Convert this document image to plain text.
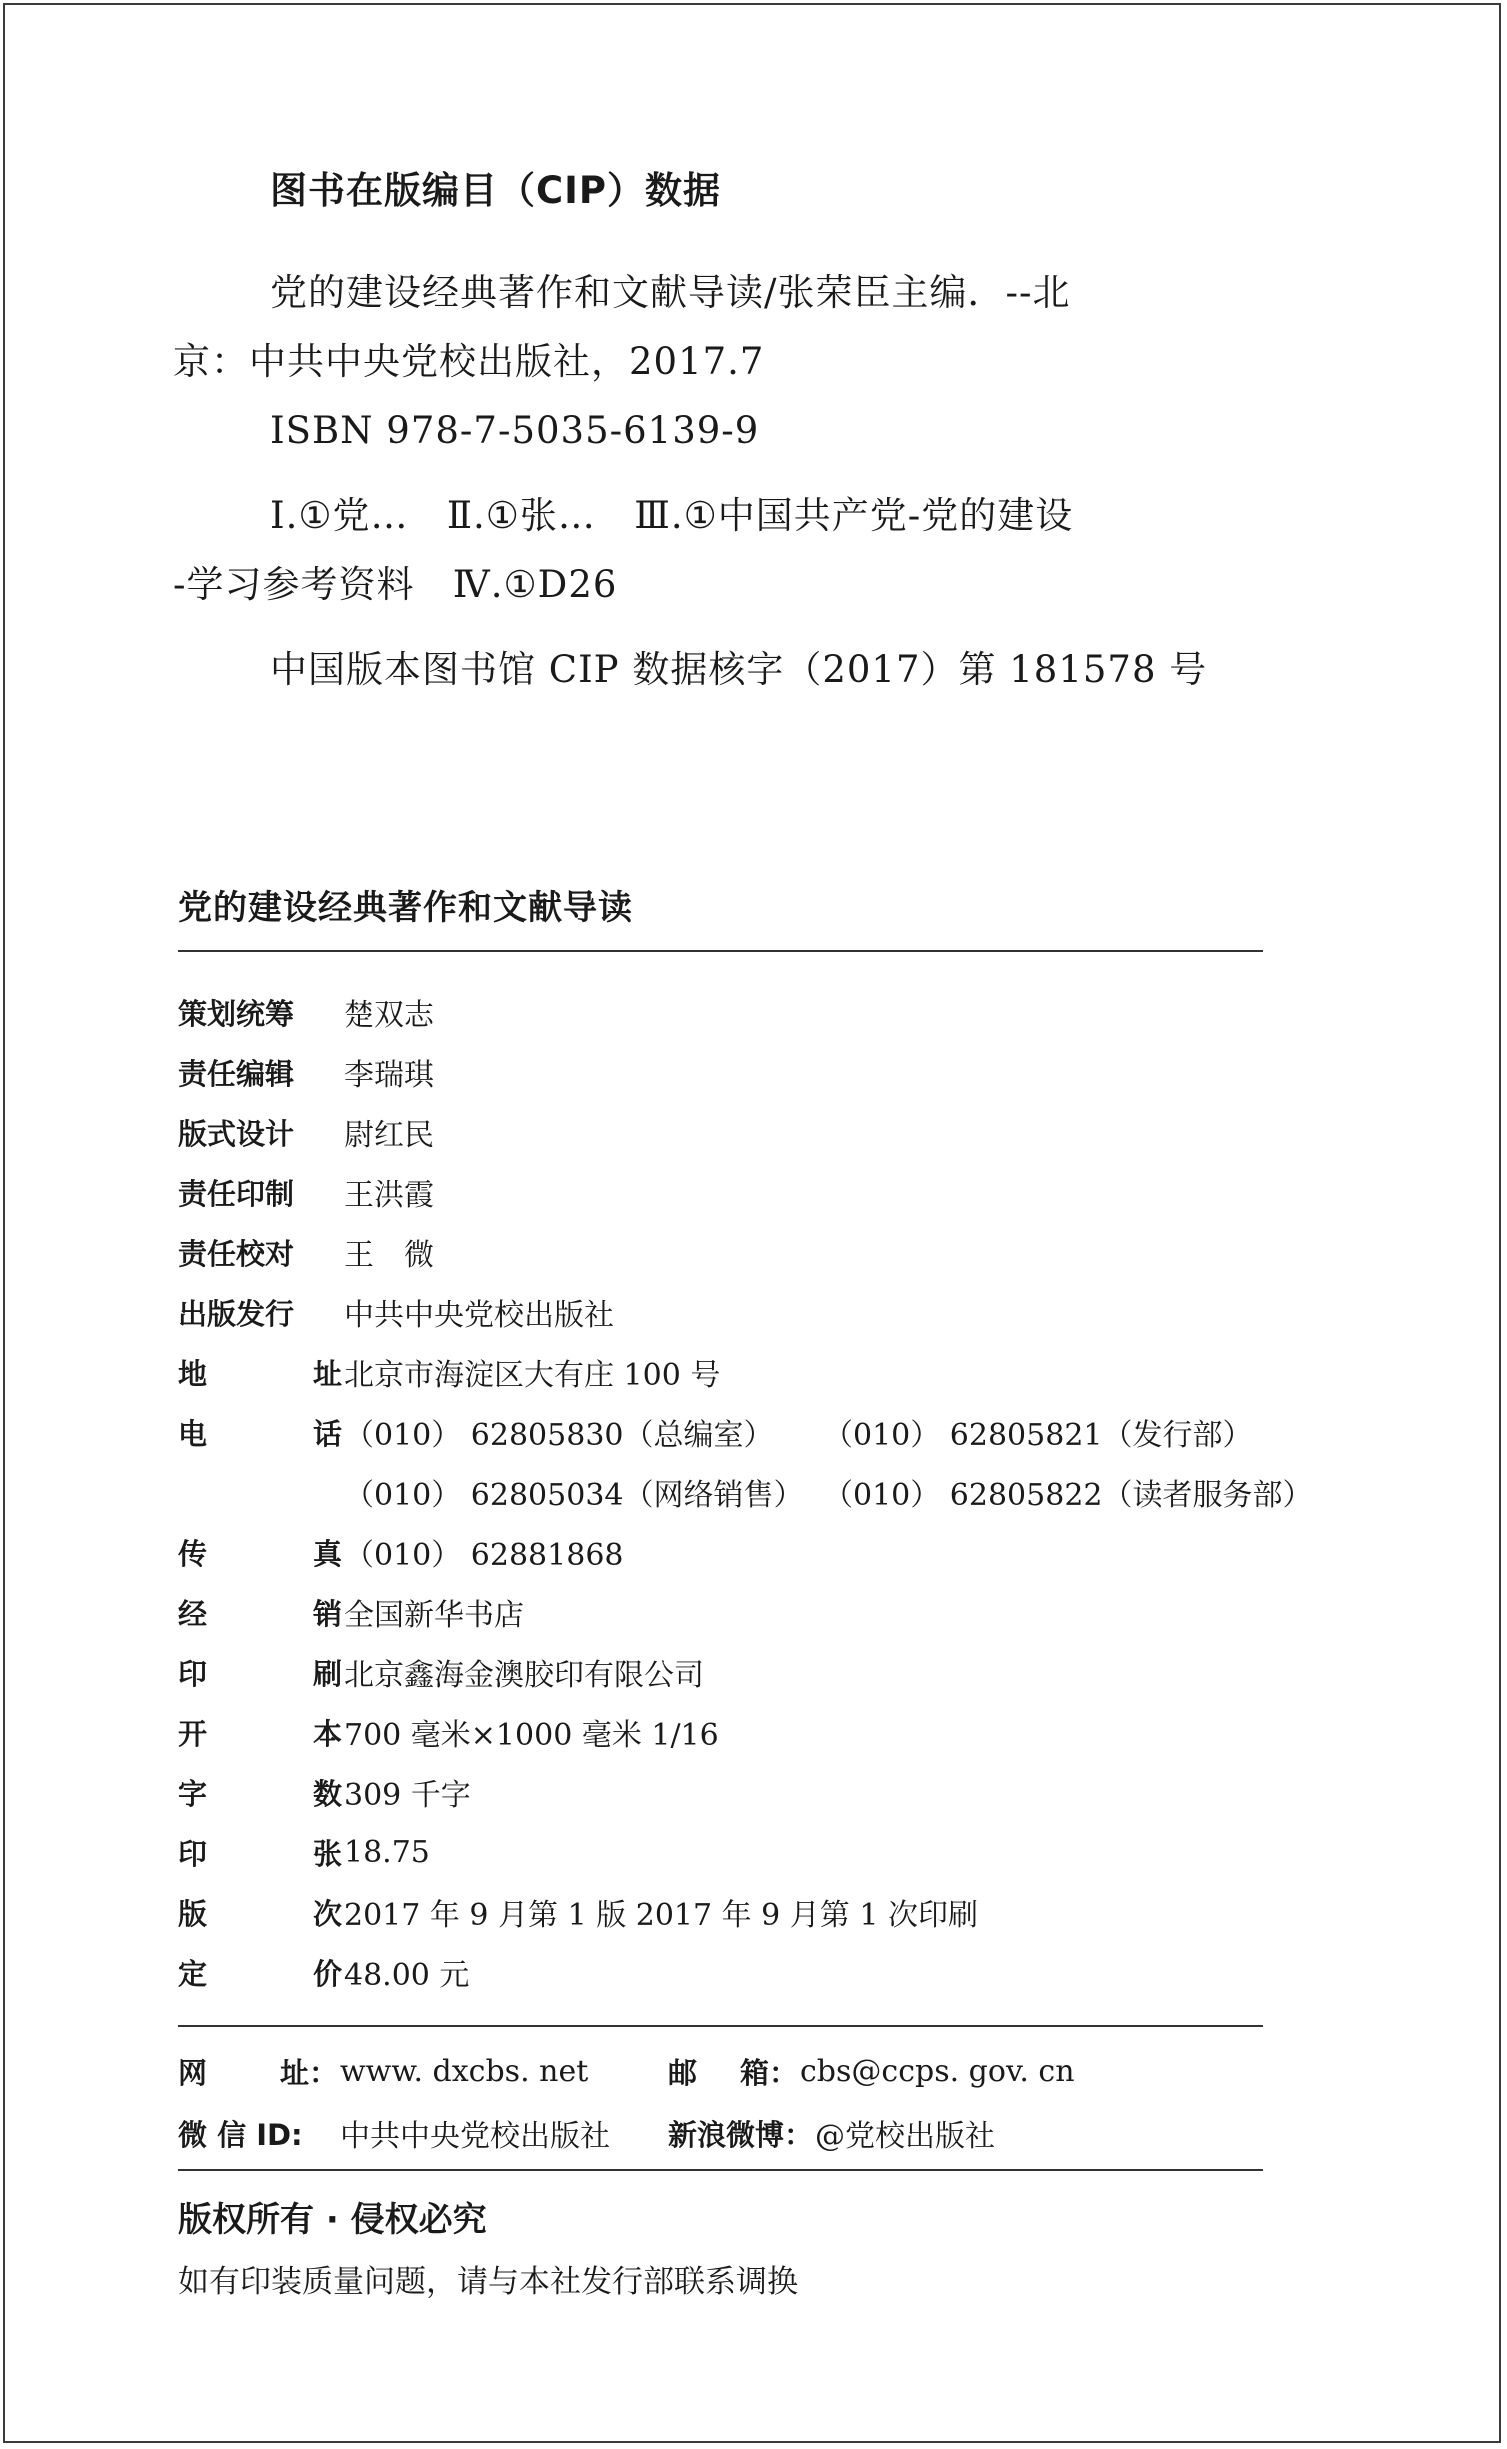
图书在版编目（CIP）数据

党的建设经典著作和文献导读/张荣臣主编．--北

京：中共中央党校出版社，2017.7

ISBN 978-7-5035-6139-9

Ⅰ.①党…   Ⅱ.①张…   Ⅲ.①中国共产党-党的建设

-学习参考资料   Ⅳ.①D26

中国版本图书馆 CIP 数据核字（2017）第 181578 号

党的建设经典著作和文献导读
策划统筹 楚双志
责任编辑 李瑞琪
版式设计 尉红民
责任印制 王洪霞
责任校对 王　微
出版发行 中共中央党校出版社
地	址 北京市海淀区大有庄 100 号
电	话 （010） 62805830（总编室） （010） 62805821（发行部）
（010） 62805034（网络销售） （010） 62805822（读者服务部）
传	真 （010） 62881868
经	销 全国新华书店
印	刷 北京鑫海金澳胶印有限公司
开	本 700 毫米×1000 毫米 1/16
字	数 309 千字
印	张 18.75
版	次 2017 年 9 月第 1 版 2017 年 9 月第 1 次印刷
定	价 48.00 元
网	址： www. dxcbs. net	邮 箱： cbs@ccps. gov. cn
微 信 ID:	中共中央党校出版社 新浪微博： @党校出版社
版权所有 · 侵权必究
如有印装质量问题，请与本社发行部联系调换
